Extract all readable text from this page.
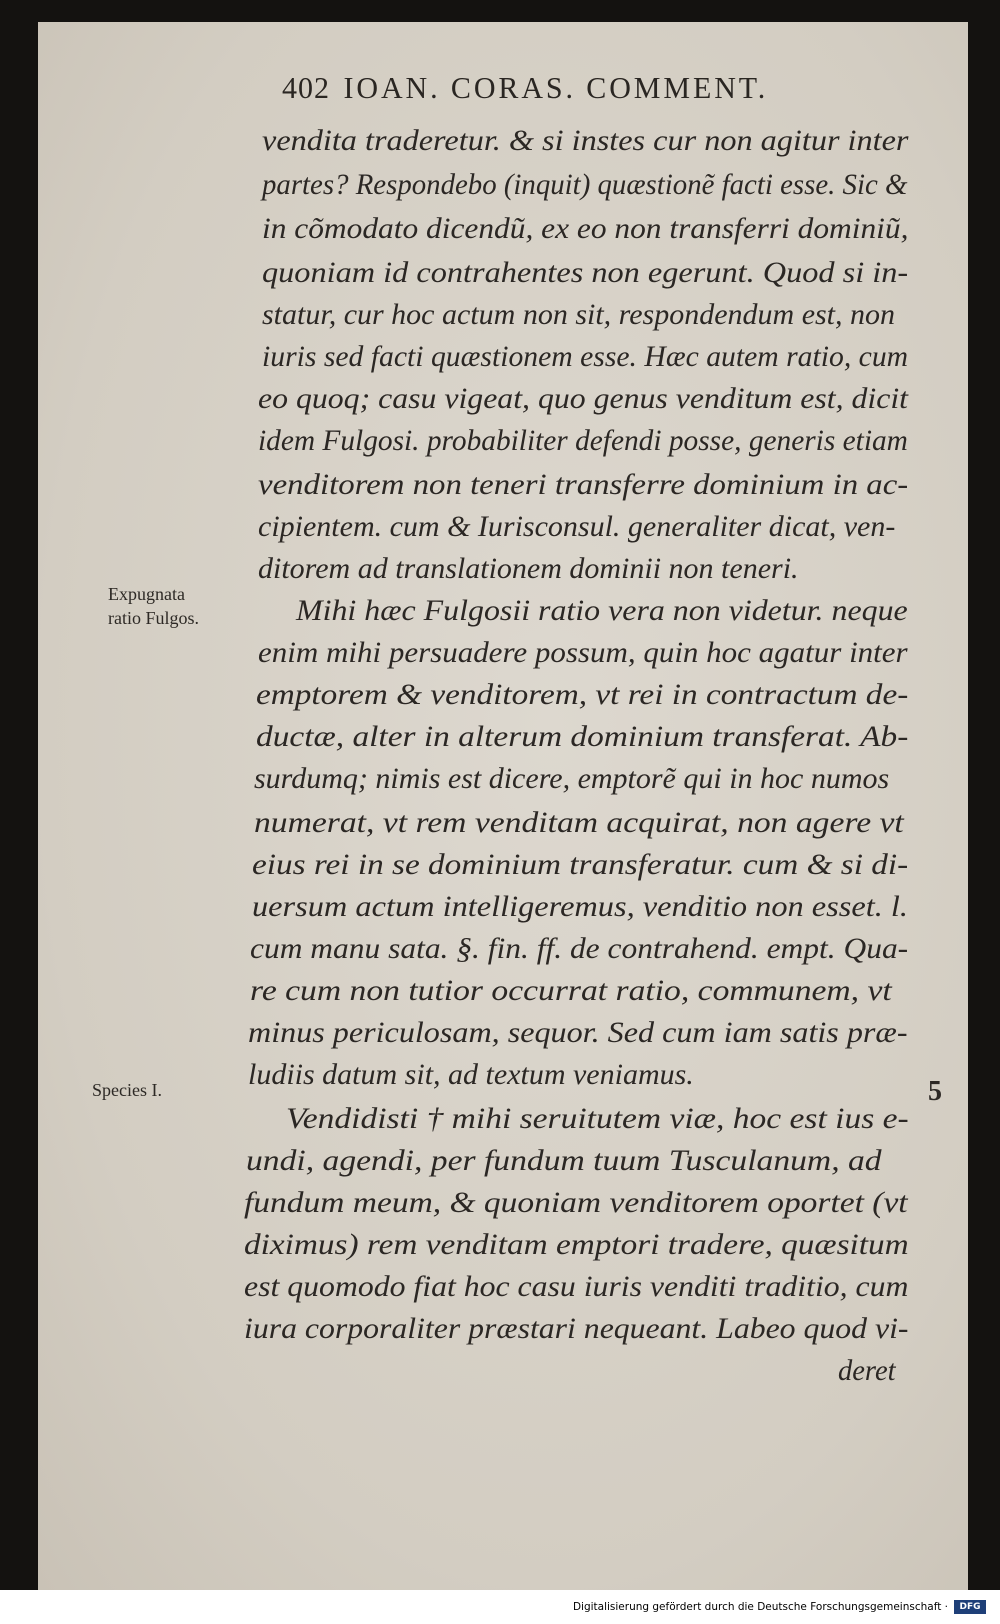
402 IOAN. CORAS. COMMENT.
vendita traderetur. & si instes cur non agitur inter
partes? Respondebo (inquit) quæstionẽ facti esse. Sic &
in cõmodato dicendũ, ex eo non transferri dominiũ,
quoniam id contrahentes non egerunt. Quod si in-
statur, cur hoc actum non sit, respondendum est, non
iuris sed facti quæstionem esse. Hæc autem ratio, cum
eo quoq; casu vigeat, quo genus venditum est, dicit
idem Fulgosi. probabiliter defendi posse, generis etiam
venditorem non teneri transferre dominium in ac-
cipientem. cum & Iurisconsul. generaliter dicat, ven-
ditorem ad translationem dominii non teneri.
Mihi hæc Fulgosii ratio vera non videtur. neque
enim mihi persuadere possum, quin hoc agatur inter
emptorem & venditorem, vt rei in contractum de-
ductæ, alter in alterum dominium transferat. Ab-
surdumq; nimis est dicere, emptorẽ qui in hoc numos
numerat, vt rem venditam acquirat, non agere vt
eius rei in se dominium transferatur. cum & si di-
uersum actum intelligeremus, venditio non esset. l.
cum manu sata. §. fin. ff. de contrahend. empt. Qua-
re cum non tutior occurrat ratio, communem, vt
minus periculosam, sequor. Sed cum iam satis præ-
ludiis datum sit, ad textum veniamus.
Vendidisti † mihi seruitutem viæ, hoc est ius e-
undi, agendi, per fundum tuum Tusculanum, ad
fundum meum, & quoniam venditorem oportet (vt
diximus) rem venditam emptori tradere, quæsitum
est quomodo fiat hoc casu iuris venditi traditio, cum
iura corporaliter præstari nequeant. Labeo quod vi-
deret
Expugnata
ratio Fulgos.
Species I.	5
Digitalisierung gefördert durch die Deutsche Forschungsgemeinschaft ·	DFG
